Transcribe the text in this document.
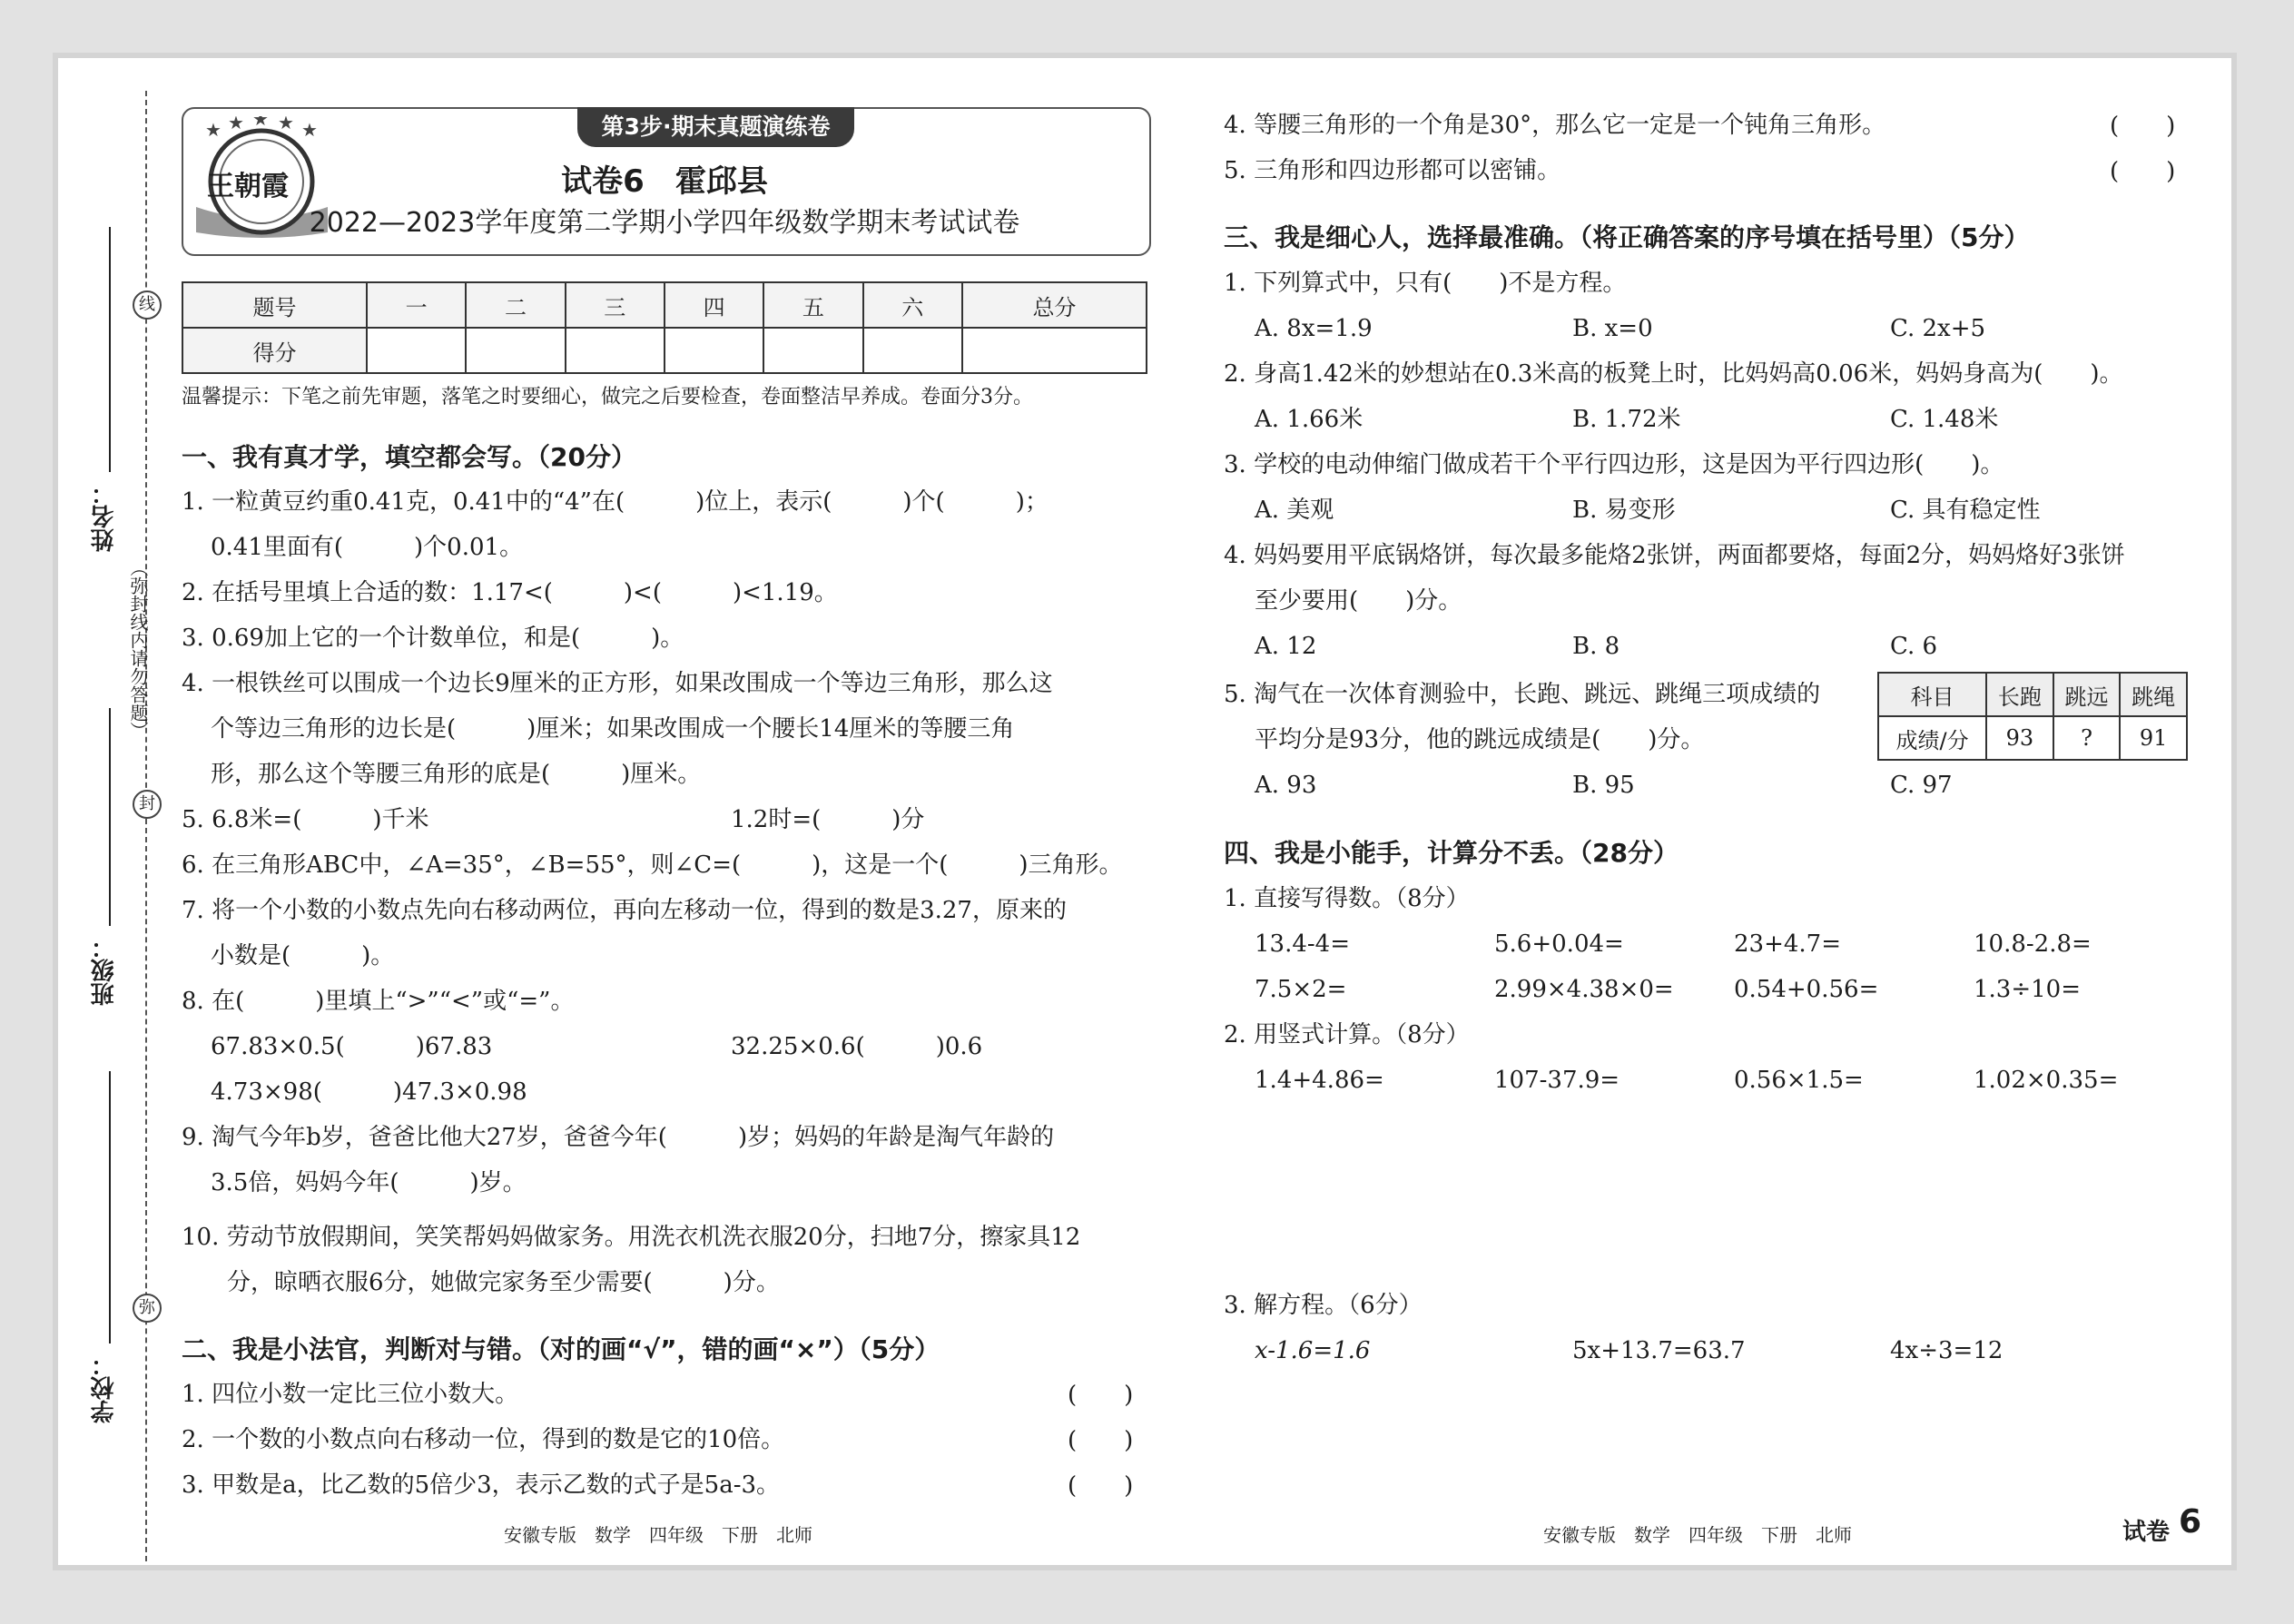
线
封
弥
（弥封线内请勿答题）
姓名：
班级：
学校：
第3步·期末真题演练卷
★ ★ ★ ★ ★
王朝霞	试卷6　霍邱县
2022—2023学年度第二学期小学四年级数学期末考试试卷
题号	一	二	三	四	五	六	总分
得分							
温馨提示：下笔之前先审题，落笔之时要细心，做完之后要检查，卷面整洁早养成。卷面分3分。
一、我有真才学，填空都会写。（20分）
1. 一粒黄豆约重0.41克，0.41中的“4”在(　　　)位上，表示(　　　)个(　　　)；
0.41里面有(　　　)个0.01。
2. 在括号里填上合适的数：1.17<(　　　)<(　　　)<1.19。
3. 0.69加上它的一个计数单位，和是(　　　)。
4. 一根铁丝可以围成一个边长9厘米的正方形，如果改围成一个等边三角形，那么这
个等边三角形的边长是(　　　)厘米；如果改围成一个腰长14厘米的等腰三角
形，那么这个等腰三角形的底是(　　　)厘米。
5. 6.8米=(　　　)千米	1.2时=(　　　)分
6. 在三角形ABC中，∠A=35°，∠B=55°，则∠C=(　　　)，这是一个(　　　)三角形。
7. 将一个小数的小数点先向右移动两位，再向左移动一位，得到的数是3.27，原来的
小数是(　　　)。
8. 在(　　　)里填上“>”“<”或“=”。
67.83×0.5(　　　)67.83	32.25×0.6(　　　)0.6
4.73×98(　　　)47.3×0.98
9. 淘气今年b岁，爸爸比他大27岁，爸爸今年(　　　)岁；妈妈的年龄是淘气年龄的
3.5倍，妈妈今年(　　　)岁。
10. 劳动节放假期间，笑笑帮妈妈做家务。用洗衣机洗衣服20分，扫地7分，擦家具12
分，晾晒衣服6分，她做完家务至少需要(　　　)分。
二、我是小法官，判断对与错。（对的画“√”，错的画“×”）（5分）
1. 四位小数一定比三位小数大。	(　　)
2. 一个数的小数点向右移动一位，得到的数是它的10倍。	(　　)
3. 甲数是a，比乙数的5倍少3，表示乙数的式子是5a-3。	(　　)
安徽专版　数学　四年级　下册　北师
4. 等腰三角形的一个角是30°，那么它一定是一个钝角三角形。	(　　)
5. 三角形和四边形都可以密铺。	(　　)
三、我是细心人，选择最准确。（将正确答案的序号填在括号里）（5分）
1. 下列算式中，只有(　　)不是方程。
A. 8x=1.9	B. x=0	C. 2x+5
2. 身高1.42米的妙想站在0.3米高的板凳上时，比妈妈高0.06米，妈妈身高为(　　)。
A. 1.66米	B. 1.72米	C. 1.48米
3. 学校的电动伸缩门做成若干个平行四边形，这是因为平行四边形(　　)。
A. 美观	B. 易变形	C. 具有稳定性
4. 妈妈要用平底锅烙饼，每次最多能烙2张饼，两面都要烙，每面2分，妈妈烙好3张饼
至少要用(　　)分。
A. 12	B. 8	C. 6
5. 淘气在一次体育测验中，长跑、跳远、跳绳三项成绩的
平均分是93分，他的跳远成绩是(　　)分。
科目	长跑	跳远	跳绳
成绩/分	93	?	91
A. 93	B. 95	C. 97
四、我是小能手，计算分不丢。（28分）
1. 直接写得数。（8分）
13.4-4=	5.6+0.04=	23+4.7=	10.8-2.8=
7.5×2=	2.99×4.38×0=	0.54+0.56=	1.3÷10=
2. 用竖式计算。（8分）
1.4+4.86=	107-37.9=	0.56×1.5=	1.02×0.35=
3. 解方程。（6分）
x-1.6=1.6	5x+13.7=63.7	4x÷3=12
安徽专版　数学　四年级　下册　北师	试卷 6
